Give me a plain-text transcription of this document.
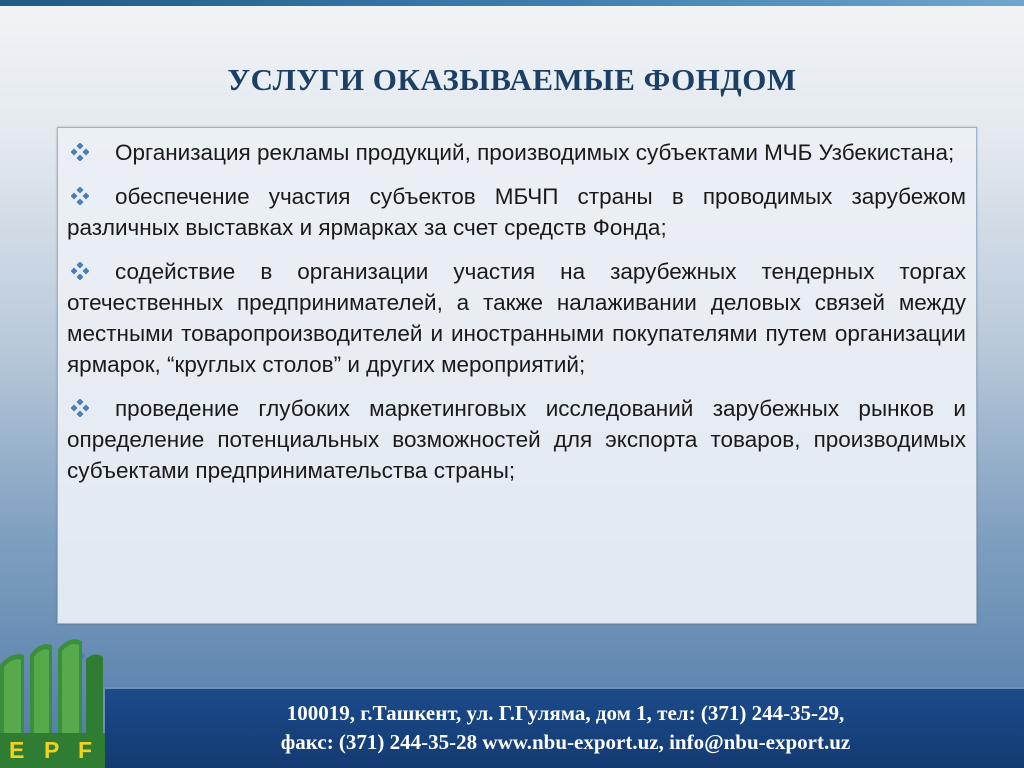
УСЛУГИ ОКАЗЫВАЕМЫЕ ФОНДОМ
Организация рекламы продукций, производимых субъектами МЧБ Узбекистана;
обеспечение участия субъектов МБЧП страны в проводимых зарубежом различных выставках и ярмарках за счет средств Фонда;
содействие в организации участия на зарубежных тендерных торгах отечественных предпринимателей, а также налаживании деловых связей между местными товаропроизводителей и иностранными покупателями путем организации ярмарок, “круглых столов” и других мероприятий;
проведение глубоких маркетинговых исследований зарубежных рынков и определение потенциальных возможностей для экспорта товаров, производимых субъектами предпринимательства страны;
100019, г.Ташкент, ул. Г.Гуляма, дом 1, тел: (371) 244-35-29,
факс: (371) 244-35-28 www.nbu-export.uz, info@nbu-export.uz
E P F
